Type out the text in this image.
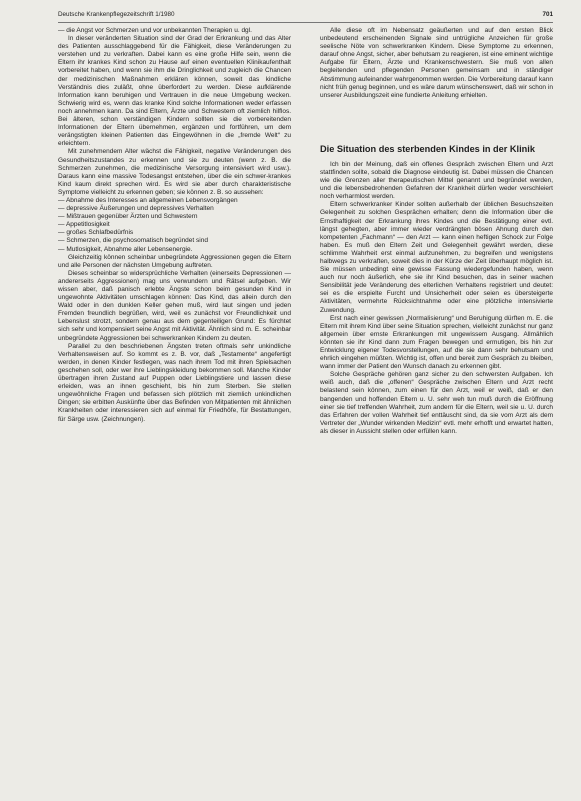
Deutsche Krankenpflegezeitschrift 1/1980	701

— die Angst vor Schmerzen und vor unbekannten Therapien u. dgl.

In dieser veränderten Situation sind der Grad der Erkrankung und das Alter des Patienten ausschlaggebend für die Fähigkeit, diese Veränderungen zu verstehen und zu verkraften. Dabei kann es eine große Hilfe sein, wenn die Eltern ihr krankes Kind schon zu Hause auf einen eventuellen Klinikaufenthalt vorbereitet haben, und wenn sie ihm die Dringlichkeit und zugleich die Chancen der medizinischen Maßnahmen erklären können, soweit das kindliche Verständnis dies zuläßt, ohne überfordert zu werden. Diese aufklärende Information kann beruhigen und Vertrauen in die neue Umgebung wecken. Schwierig wird es, wenn das kranke Kind solche Informationen weder erfassen noch annehmen kann. Da sind Eltern, Ärzte und Schwestern oft ziemlich hilflos. Bei älteren, schon verständigen Kindern sollten sie die vorbereitenden Informationen der Eltern übernehmen, ergänzen und fortführen, um dem verängstigten kleinen Patienten das Eingewöhnen in die „fremde Welt“ zu erleichtern.

Mit zunehmendem Alter wächst die Fähigkeit, negative Veränderungen des Gesundheitszustandes zu erkennen und sie zu deuten (wenn z. B. die Schmerzen zunehmen, die medizinische Versorgung intensiviert wird usw.). Daraus kann eine massive Todesangst entstehen, über die ein schwer-krankes Kind kaum direkt sprechen wird. Es wird sie aber durch charakteristische Symptome vielleicht zu erkennen geben; sie können z. B. so aussehen:

— Abnahme des Interesses an allgemeinen Lebensvorgängen
— depressive Äußerungen und depressives Verhalten
— Mißtrauen gegenüber Ärzten und Schwestern
— Appetitlosigkeit
— großes Schlafbedürfnis
— Schmerzen, die psychosomatisch begründet sind
— Mutlosigkeit, Abnahme aller Lebensenergie.

Gleichzeitig können scheinbar unbegründete Aggressionen gegen die Eltern und alle Personen der nächsten Umgebung auftreten.

Dieses scheinbar so widersprüchliche Verhalten (einerseits Depressionen — andererseits Aggressionen) mag uns verwundern und Rätsel aufgeben. Wir wissen aber, daß panisch erlebte Ängste schon beim gesunden Kind in ungewohnte Aktivitäten umschlagen können: Das Kind, das allein durch den Wald oder in den dunklen Keller gehen muß, wird laut singen und jeden Fremden freundlich begrüßen, wird, weil es zunächst vor Freundlichkeit und Lebenslust strotzt, sondern genau aus dem gegenteiligen Grund: Es fürchtet sich sehr und kompensiert seine Angst mit Aktivität. Ähnlich sind m. E. scheinbar unbegründete Aggressionen bei schwerkranken Kindern zu deuten.

Parallel zu den beschriebenen Ängsten treten oftmals sehr unkindliche Verhaltensweisen auf. So kommt es z. B. vor, daß „Testamente“ angefertigt werden, in denen Kinder festlegen, was nach ihrem Tod mit ihren Spielsachen geschehen soll, oder wer ihre Lieblingskleidung bekommen soll. Manche Kinder übertragen ihren Zustand auf Puppen oder Lieblingstiere und lassen diese erleiden, was an ihnen geschieht, bis hin zum Sterben. Sie stellen ungewöhnliche Fragen und befassen sich plötzlich mit ziemlich unkindlichen Dingen; sie erbitten Auskünfte über das Befinden von Mitpatienten mit ähnlichen Krankheiten oder interessieren sich auf einmal für Friedhöfe, für Bestattungen, für Särge usw. (Zeichnungen).

Alle diese oft im Nebensatz geäußerten und auf den ersten Blick unbedeutend erscheinenden Signale sind untrügliche Anzeichen für große seelische Nöte von schwerkranken Kindern. Diese Symptome zu erkennen, darauf ohne Angst, sicher, aber behutsam zu reagieren, ist eine eminent wichtige Aufgabe für Eltern, Ärzte und Krankenschwestern. Sie muß von allen begleitenden und pflegenden Personen gemeinsam und in ständiger Abstimmung aufeinander wahrgenommen werden. Die Vorbereitung darauf kann nicht früh genug beginnen, und es wäre darum wünschenswert, daß wir schon in unserer Ausbildungszeit eine fundierte Anleitung erhielten.

Die Situation des sterbenden Kindes in der Klinik

Ich bin der Meinung, daß ein offenes Gespräch zwischen Eltern und Arzt stattfinden sollte, sobald die Diagnose eindeutig ist. Dabei müssen die Chancen wie die Grenzen aller therapeutischen Mittel genannt und begründet werden, und die lebensbedrohenden Gefahren der Krankheit dürfen weder verschleiert noch verharmlost werden.

Eltern schwerkranker Kinder sollten außerhalb der üblichen Besuchszeiten Gelegenheit zu solchen Gesprächen erhalten; denn die Information über die Ernsthaftigkeit der Erkrankung ihres Kindes und die Bestätigung einer evtl. längst gehegten, aber immer wieder verdrängten bösen Ahnung durch den kompetenten „Fachmann“ — den Arzt — kann einen heftigen Schock zur Folge haben. Es muß den Eltern Zeit und Gelegenheit gewährt werden, diese schlimme Wahrheit erst einmal aufzunehmen, zu begreifen und wenigstens halbwegs zu verkraften, soweit dies in der Kürze der Zeit überhaupt möglich ist. Sie müssen unbedingt eine gewisse Fassung wiedergefunden haben, wenn auch nur noch äußerlich, ehe sie ihr Kind besuchen, das in seiner wachen Sensibilität jede Veränderung des elterlichen Verhaltens registriert und deutet: sei es die erspielte Furcht und Unsicherheit oder seien es übersteigerte Aktivitäten, vermehrte Rücksichtnahme oder eine plötzliche intensivierte Zuwendung.

Erst nach einer gewissen „Normalisierung“ und Beruhigung dürften m. E. die Eltern mit ihrem Kind über seine Situation sprechen, vielleicht zunächst nur ganz allgemein über ernste Erkrankungen mit ungewissem Ausgang. Allmählich könnten sie ihr Kind dann zum Fragen bewegen und ermutigen, bis hin zur Entwicklung eigener Todesvorstellungen, auf die sie dann sehr behutsam und ehrlich eingehen müßten. Wichtig ist, offen und bereit zum Gespräch zu bleiben, wann immer der Patient den Wunsch danach zu erkennen gibt.

Solche Gespräche gehören ganz sicher zu den schwersten Aufgaben. Ich weiß auch, daß die „offenen“ Gespräche zwischen Eltern und Arzt recht belastend sein können, zum einen für den Arzt, weil er weiß, daß er den bangenden und hoffenden Eltern u. U. sehr weh tun muß durch die Eröffnung einer sie tief treffenden Wahrheit, zum andern für die Eltern, weil sie u. U. durch das Erfahren der vollen Wahrheit tief enttäuscht sind, da sie vom Arzt als dem Vertreter der „Wunder wirkenden Medizin“ evtl. mehr erhofft und erwartet hatten, als dieser in Aussicht stellen oder erfüllen kann.
